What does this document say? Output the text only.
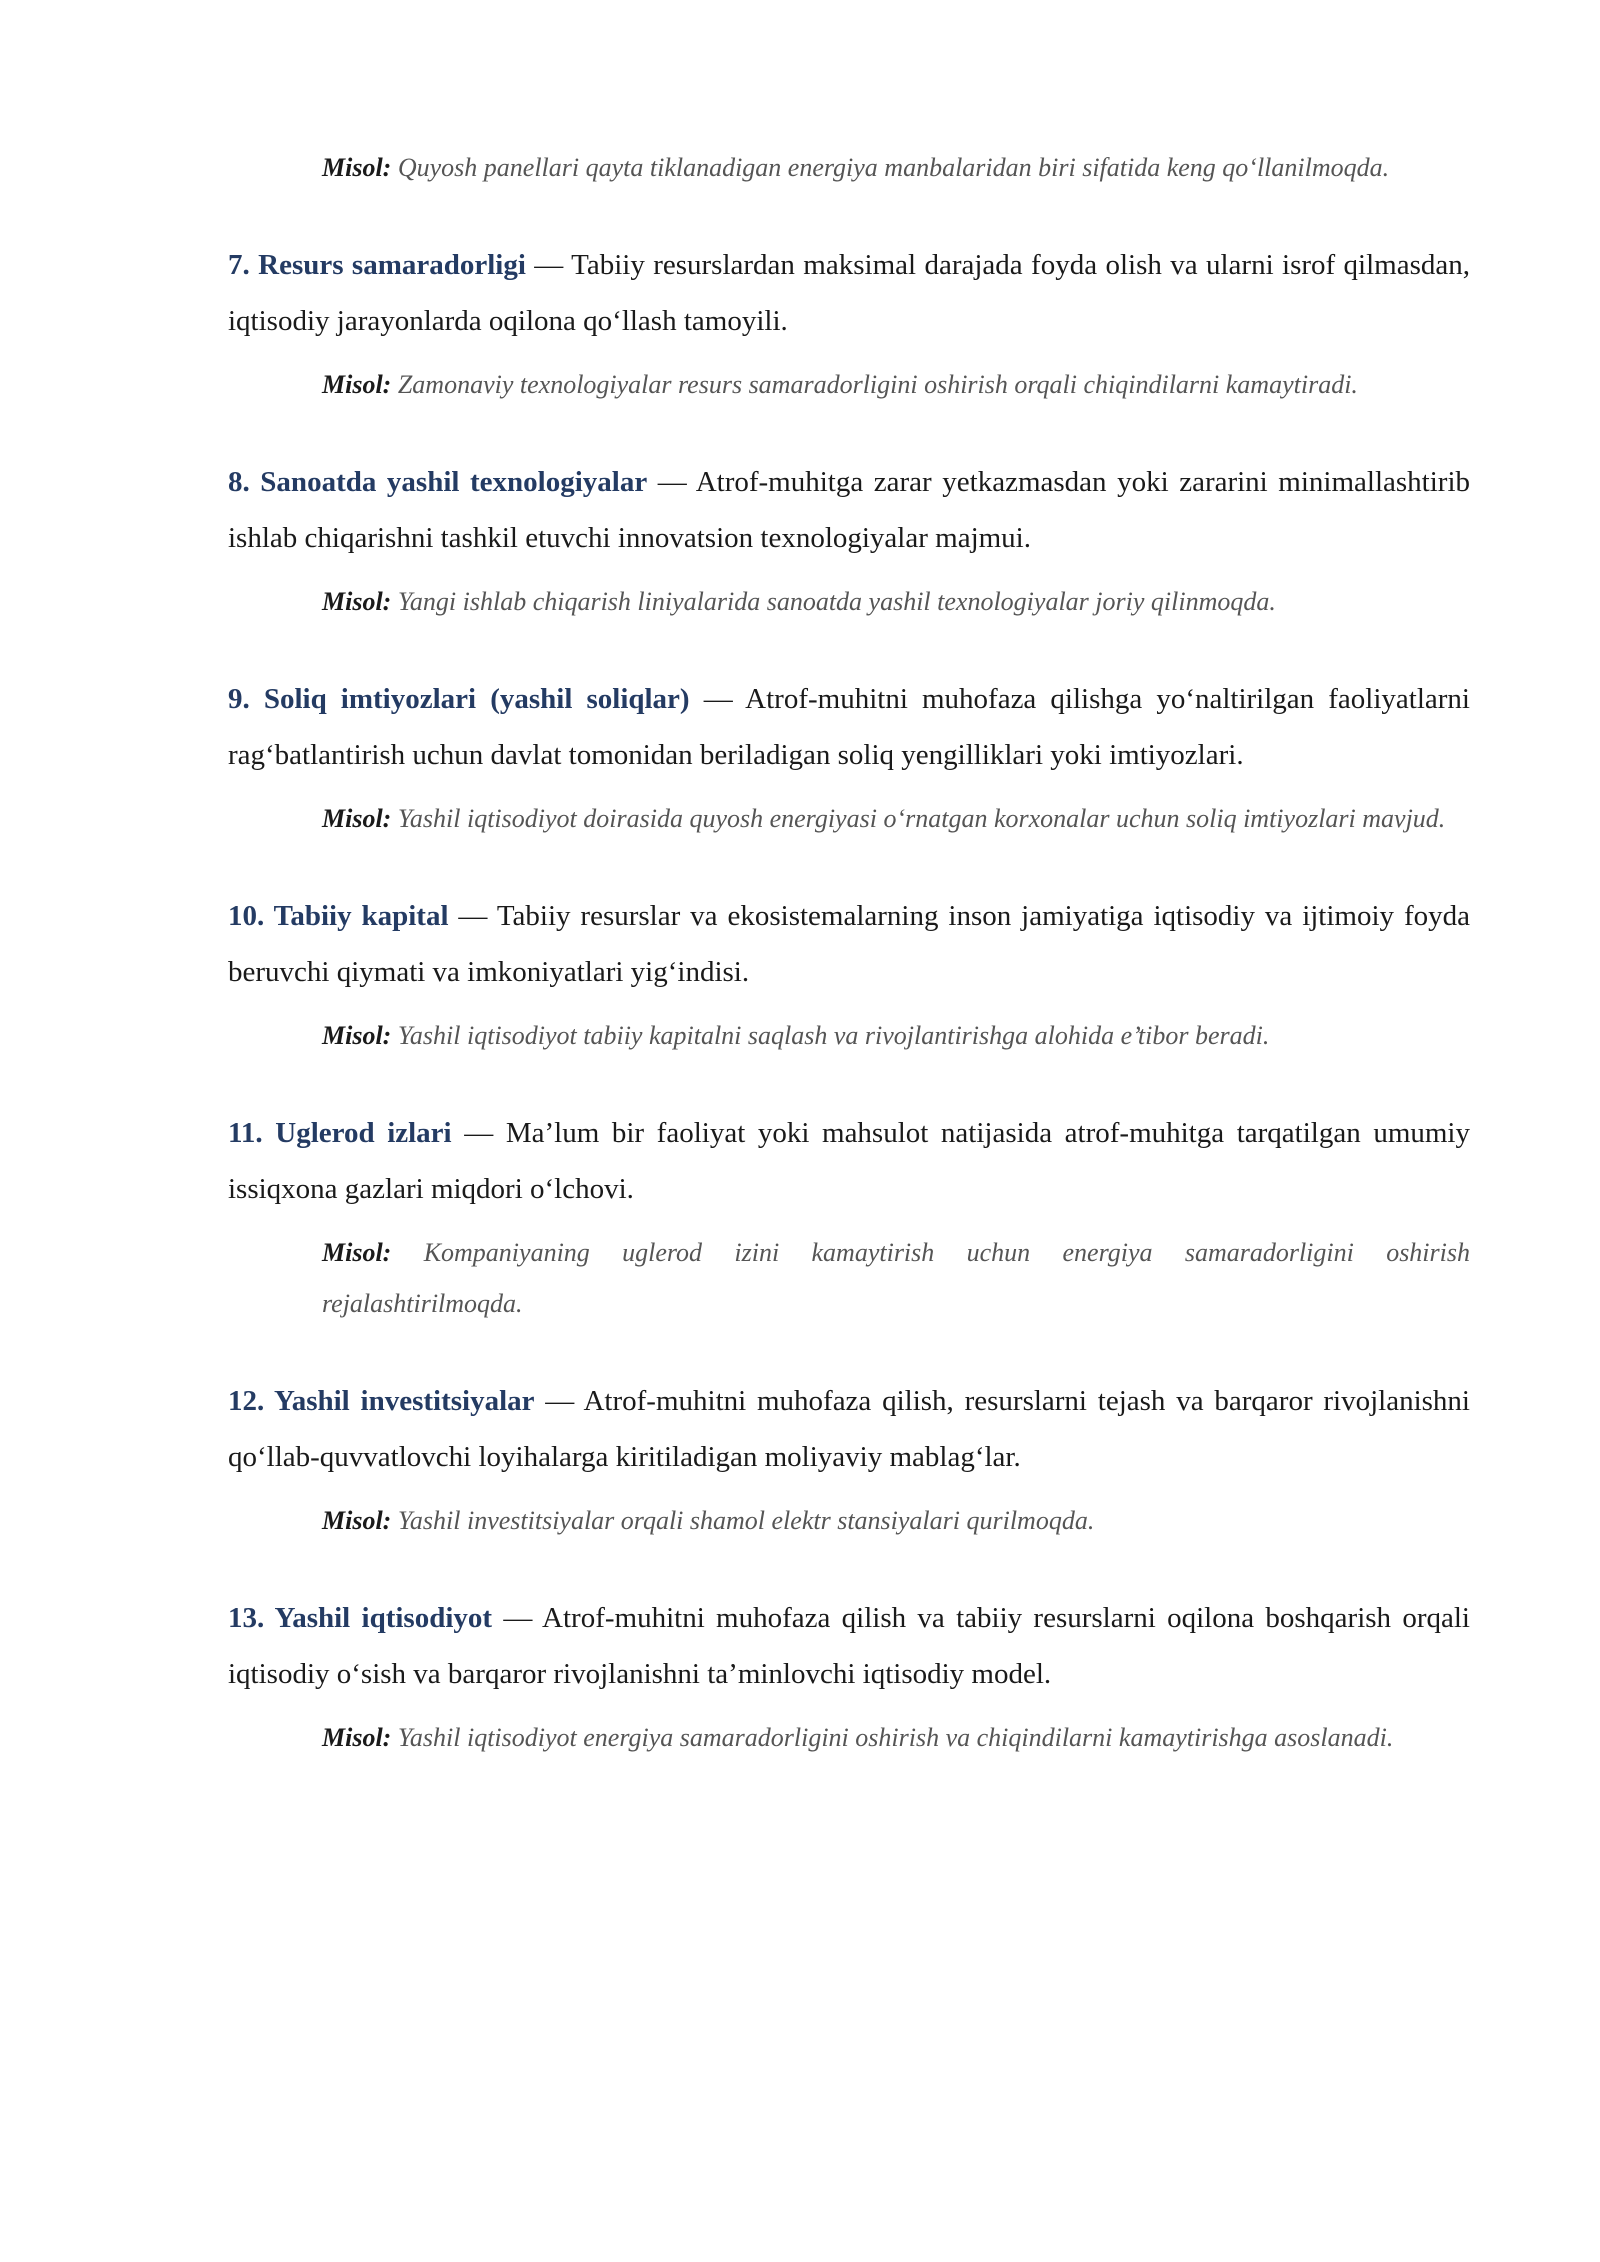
Misol: Quyosh panellari qayta tiklanadigan energiya manbalaridan biri sifatida keng qo‘llanilmoqda.

7. Resurs samaradorligi — Tabiiy resurslardan maksimal darajada foyda olish va ularni isrof qilmasdan, iqtisodiy jarayonlarda oqilona qo‘llash tamoyili.

Misol: Zamonaviy texnologiyalar resurs samaradorligini oshirish orqali chiqindilarni kamaytiradi.

8. Sanoatda yashil texnologiyalar — Atrof-muhitga zarar yetkazmasdan yoki zararini minimallashtirib ishlab chiqarishni tashkil etuvchi innovatsion texnologiyalar majmui.

Misol: Yangi ishlab chiqarish liniyalarida sanoatda yashil texnologiyalar joriy qilinmoqda.

9. Soliq imtiyozlari (yashil soliqlar) — Atrof-muhitni muhofaza qilishga yo‘naltirilgan faoliyatlarni rag‘batlantirish uchun davlat tomonidan beriladigan soliq yengilliklari yoki imtiyozlari.

Misol: Yashil iqtisodiyot doirasida quyosh energiyasi o‘rnatgan korxonalar uchun soliq imtiyozlari mavjud.

10. Tabiiy kapital — Tabiiy resurslar va ekosistemalarning inson jamiyatiga iqtisodiy va ijtimoiy foyda beruvchi qiymati va imkoniyatlari yig‘indisi.

Misol: Yashil iqtisodiyot tabiiy kapitalni saqlash va rivojlantirishga alohida e’tibor beradi.

11. Uglerod izlari — Ma’lum bir faoliyat yoki mahsulot natijasida atrof-muhitga tarqatilgan umumiy issiqxona gazlari miqdori o‘lchovi.

Misol: Kompaniyaning uglerod izini kamaytirish uchun energiya samaradorligini oshirish rejalashtirilmoqda.

12. Yashil investitsiyalar — Atrof-muhitni muhofaza qilish, resurslarni tejash va barqaror rivojlanishni qo‘llab-quvvatlovchi loyihalarga kiritiladigan moliyaviy mablag‘lar.

Misol: Yashil investitsiyalar orqali shamol elektr stansiyalari qurilmoqda.

13. Yashil iqtisodiyot — Atrof-muhitni muhofaza qilish va tabiiy resurslarni oqilona boshqarish orqali iqtisodiy o‘sish va barqaror rivojlanishni ta’minlovchi iqtisodiy model.

Misol: Yashil iqtisodiyot energiya samaradorligini oshirish va chiqindilarni kamaytirishga asoslanadi.
